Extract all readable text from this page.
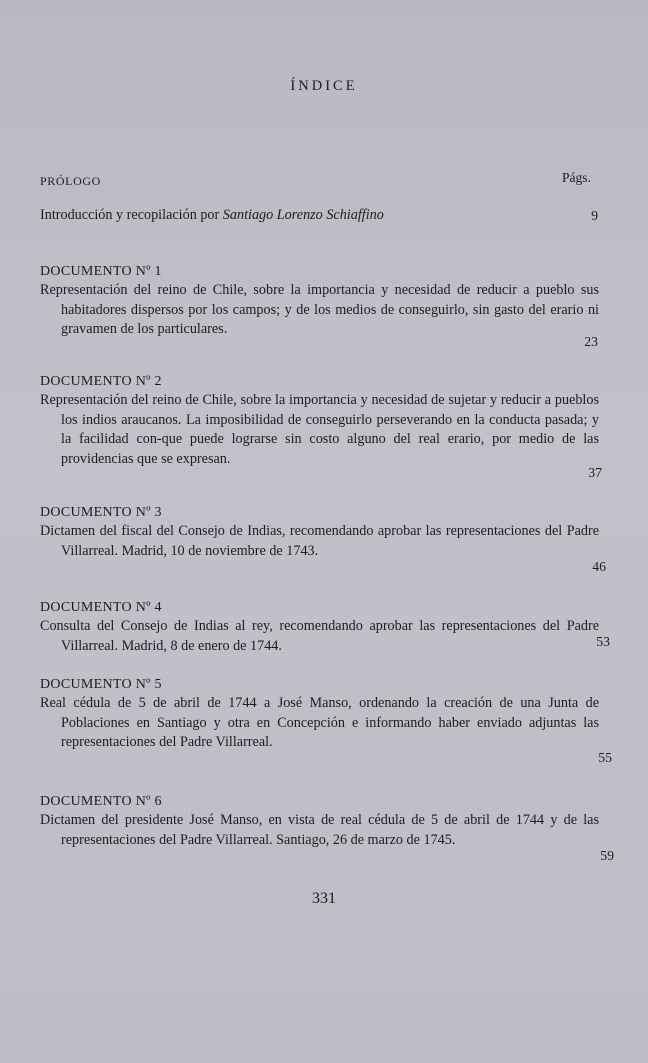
ÍNDICE
PRÓLOGO	Págs.
Introducción y recopilación por Santiago Lorenzo Schiaffino	9

DOCUMENTO Nº 1

Representación del reino de Chile, sobre la importancia y necesidad de reducir a pueblo sus habitadores dispersos por los campos; y de los medios de conseguirlo, sin gasto del erario ni gravamen de los particulares.

23

DOCUMENTO Nº 2

Representación del reino de Chile, sobre la importancia y necesidad de sujetar y reducir a pueblos los indios araucanos. La imposibilidad de conseguirlo perseverando en la conducta pasada; y la facilidad con-que puede lograrse sin costo alguno del real erario, por medio de las providencias que se expresan.

37

DOCUMENTO Nº 3

Dictamen del fiscal del Consejo de Indias, recomendando aprobar las representaciones del Padre Villarreal. Madrid, 10 de noviembre de 1743.

46

DOCUMENTO Nº 4

Consulta del Consejo de Indias al rey, recomendando aprobar las representaciones del Padre Villarreal. Madrid, 8 de enero de 1744.	53

DOCUMENTO Nº 5

Real cédula de 5 de abril de 1744 a José Manso, ordenando la creación de una Junta de Poblaciones en Santiago y otra en Concepción e informando haber enviado adjuntas las representaciones del Padre Villarreal.

55

DOCUMENTO Nº 6

Dictamen del presidente José Manso, en vista de real cédula de 5 de abril de 1744 y de las representaciones del Padre Villarreal. Santiago, 26 de marzo de 1745.

59
331
